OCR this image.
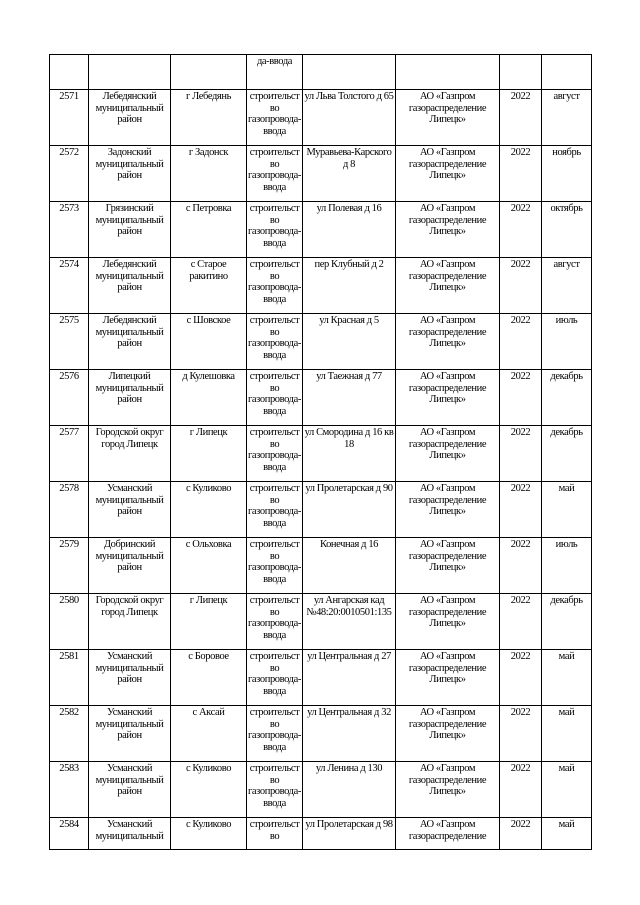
			да-ввода				
2571	Лебедянский муниципальный район	г Лебедянь	строительство газопровода-ввода	ул Льва Толстого д 65	АО «Газпром газораспределение Липецк»	2022	август
2572	Задонский муниципальный район	г Задонск	строительство газопровода-ввода	Муравьева-Карского д 8	АО «Газпром газораспределение Липецк»	2022	ноябрь
2573	Грязинский муниципальный район	с Петровка	строительство газопровода-ввода	ул Полевая д 16	АО «Газпром газораспределение Липецк»	2022	октябрь
2574	Лебедянский муниципальный район	с Старое ракитино	строительство газопровода-ввода	пер Клубный д 2	АО «Газпром газораспределение Липецк»	2022	август
2575	Лебедянский муниципальный район	с Шовское	строительство газопровода-ввода	ул Красная д 5	АО «Газпром газораспределение Липецк»	2022	июль
2576	Липецкий муниципальный район	д Кулешовка	строительство газопровода-ввода	ул Таежная д 77	АО «Газпром газораспределение Липецк»	2022	декабрь
2577	Городской округ город Липецк	г Липецк	строительство газопровода-ввода	ул Смородина д 16 кв 18	АО «Газпром газораспределение Липецк»	2022	декабрь
2578	Усманский муниципальный район	с Куликово	строительство газопровода-ввода	ул Пролетарская д 90	АО «Газпром газораспределение Липецк»	2022	май
2579	Добринский муниципальный район	с Ольховка	строительство газопровода-ввода	Конечная д 16	АО «Газпром газораспределение Липецк»	2022	июль
2580	Городской округ город Липецк	г Липецк	строительство газопровода-ввода	ул Ангарская кад №48:20:0010501:135	АО «Газпром газораспределение Липецк»	2022	декабрь
2581	Усманский муниципальный район	с Боровое	строительство газопровода-ввода	ул Центральная д 27	АО «Газпром газораспределение Липецк»	2022	май
2582	Усманский муниципальный район	с Аксай	строительство газопровода-ввода	ул Центральная д 32	АО «Газпром газораспределение Липецк»	2022	май
2583	Усманский муниципальный район	с Куликово	строительство газопровода-ввода	ул Ленина д 130	АО «Газпром газораспределение Липецк»	2022	май
2584	Усманский муниципальный	с Куликово	строительство	ул Пролетарская д 98	АО «Газпром газораспределение	2022	май
